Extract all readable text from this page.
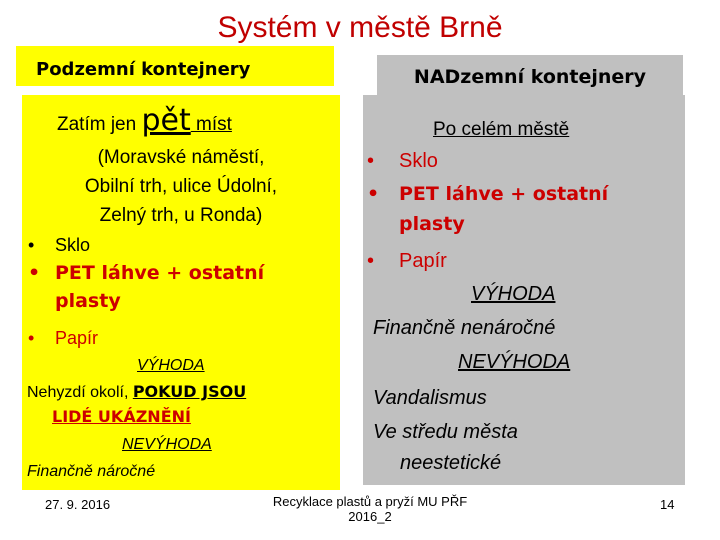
Systém v městě Brně
Podzemní kontejnery	NADzemní kontejnery
Zatím jen pět míst
(Moravské náměstí,
Obilní trh, ulice Údolní,
Zelný trh, u Ronda)
• Sklo
• PET láhve + ostatní
plasty
• Papír
VÝHODA
Nehyzdí okolí, POKUD JSOU
LIDÉ UKÁZNĚNÍ
NEVÝHODA
Finančně náročné
Po celém městě
• Sklo
• PET láhve + ostatní
plasty
• Papír
VÝHODA
Finančně nenáročné
NEVÝHODA
Vandalismus
Ve středu města
neestetické
27. 9. 2016	Recyklace plastů a pryží MU PŘF
2016_2
14
